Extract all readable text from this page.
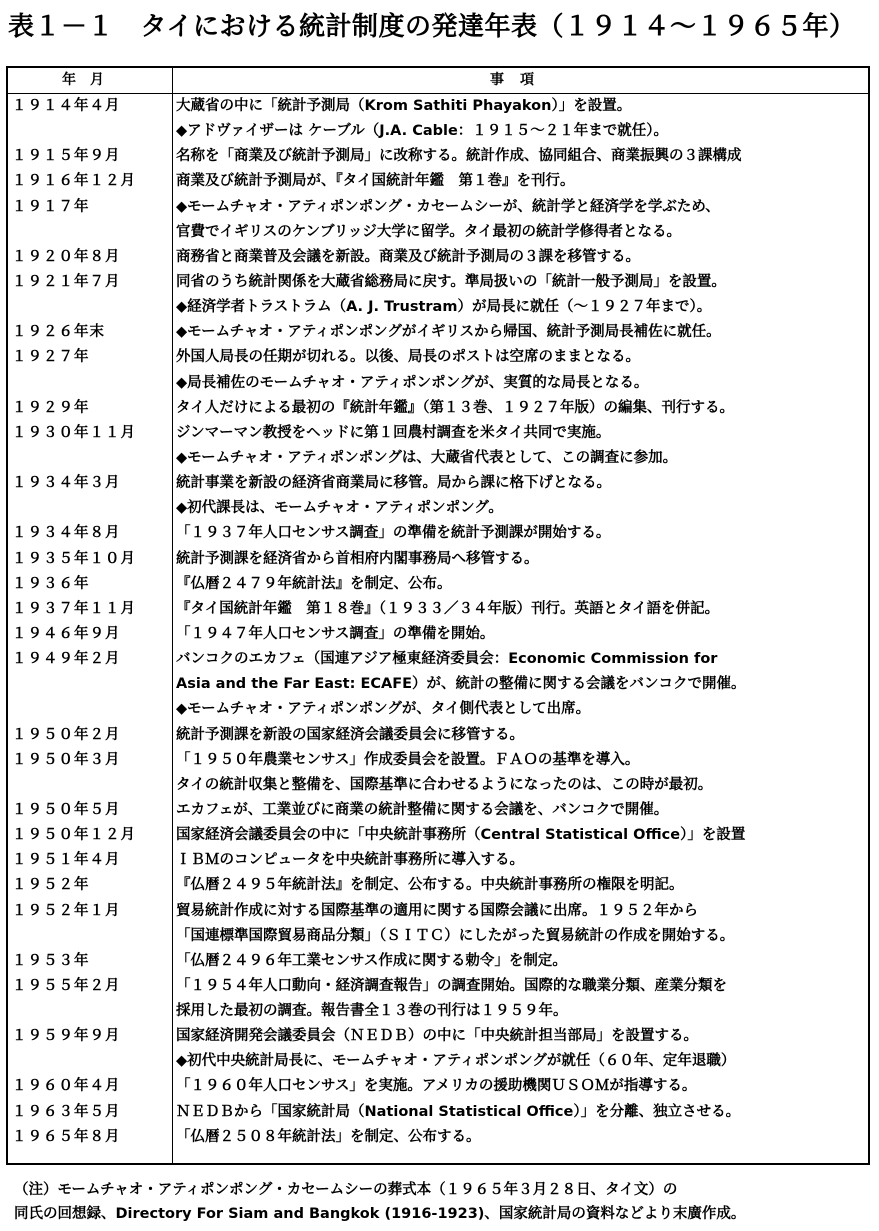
表１－１　タイにおける統計制度の発達年表（１９１４～１９６５年）
年月	事項
１９１４年４月	大蔵省の中に「統計予測局（Krom Sathiti Phayakon）」を設置。
◆アドヴァイザーは ケーブル（J.A. Cable：１９１５～２１年まで就任）。
１９１５年９月	名称を「商業及び統計予測局」に改称する。統計作成、協同組合、商業振興の３課構成
１９１６年１２月	商業及び統計予測局が、『タイ国統計年鑑　第１巻』を刊行。
１９１７年	◆モームチャオ・アティポンポング・カセームシーが、統計学と経済学を学ぶため、
官費でイギリスのケンブリッジ大学に留学。タイ最初の統計学修得者となる。
１９２０年８月	商務省と商業普及会議を新設。商業及び統計予測局の３課を移管する。
１９２１年７月	同省のうち統計関係を大蔵省総務局に戻す。準局扱いの「統計一般予測局」を設置。
◆経済学者トラストラム（A. J. Trustram）が局長に就任（～１９２７年まで）。
１９２６年末	◆モームチャオ・アティポンポングがイギリスから帰国、統計予測局長補佐に就任。
１９２７年	外国人局長の任期が切れる。以後、局長のポストは空席のままとなる。
◆局長補佐のモームチャオ・アティポンポングが、実質的な局長となる。
１９２９年	タイ人だけによる最初の『統計年鑑』（第１３巻、１９２７年版）の編集、刊行する。
１９３０年１１月	ジンマーマン教授をヘッドに第１回農村調査を米タイ共同で実施。
◆モームチャオ・アティポンポングは、大蔵省代表として、この調査に参加。
１９３４年３月	統計事業を新設の経済省商業局に移管。局から課に格下げとなる。
◆初代課長は、モームチャオ・アティポンポング。
１９３４年８月	「１９３７年人口センサス調査」の準備を統計予測課が開始する。
１９３５年１０月	統計予測課を経済省から首相府内閣事務局へ移管する。
１９３６年	『仏暦２４７９年統計法』を制定、公布。
１９３７年１１月	『タイ国統計年鑑　第１８巻』（１９３３／３４年版）刊行。英語とタイ語を併記。
１９４６年９月	「１９４７年人口センサス調査」の準備を開始。
１９４９年２月	バンコクのエカフェ（国連アジア極東経済委員会：Economic Commission for
Asia and the Far East: ECAFE）が、統計の整備に関する会議をバンコクで開催。
◆モームチャオ・アティポンポングが、タイ側代表として出席。
１９５０年２月	統計予測課を新設の国家経済会議委員会に移管する。
１９５０年３月	「１９５０年農業センサス」作成委員会を設置。ＦＡＯの基準を導入。
タイの統計収集と整備を、国際基準に合わせるようになったのは、この時が最初。
１９５０年５月	エカフェが、工業並びに商業の統計整備に関する会議を、バンコクで開催。
１９５０年１２月	国家経済会議委員会の中に「中央統計事務所（Central Statistical Office）」を設置
１９５１年４月	ＩＢＭのコンピュータを中央統計事務所に導入する。
１９５２年	『仏暦２４９５年統計法』を制定、公布する。中央統計事務所の権限を明記。
１９５２年１月	貿易統計作成に対する国際基準の適用に関する国際会議に出席。１９５２年から
「国連標準国際貿易商品分類」（ＳＩＴＣ）にしたがった貿易統計の作成を開始する。
１９５３年	「仏暦２４９６年工業センサス作成に関する勅令」を制定。
１９５５年２月	「１９５４年人口動向・経済調査報告」の調査開始。国際的な職業分類、産業分類を
採用した最初の調査。報告書全１３巻の刊行は１９５９年。
１９５９年９月	国家経済開発会議委員会（ＮＥＤＢ）の中に「中央統計担当部局」を設置する。
◆初代中央統計局長に、モームチャオ・アティポンポングが就任（６０年、定年退職）
１９６０年４月	「１９６０年人口センサス」を実施。アメリカの援助機関ＵＳＯＭが指導する。
１９６３年５月	ＮＥＤＢから「国家統計局（National Statistical Office）」を分離、独立させる。
１９６５年８月	「仏暦２５０８年統計法」を制定、公布する。
（注）モームチャオ・アティポンポング・カセームシーの葬式本（１９６５年３月２８日、タイ文）の
同氏の回想録、Directory For Siam and Bangkok (1916-1923)、国家統計局の資料などより末廣作成。
